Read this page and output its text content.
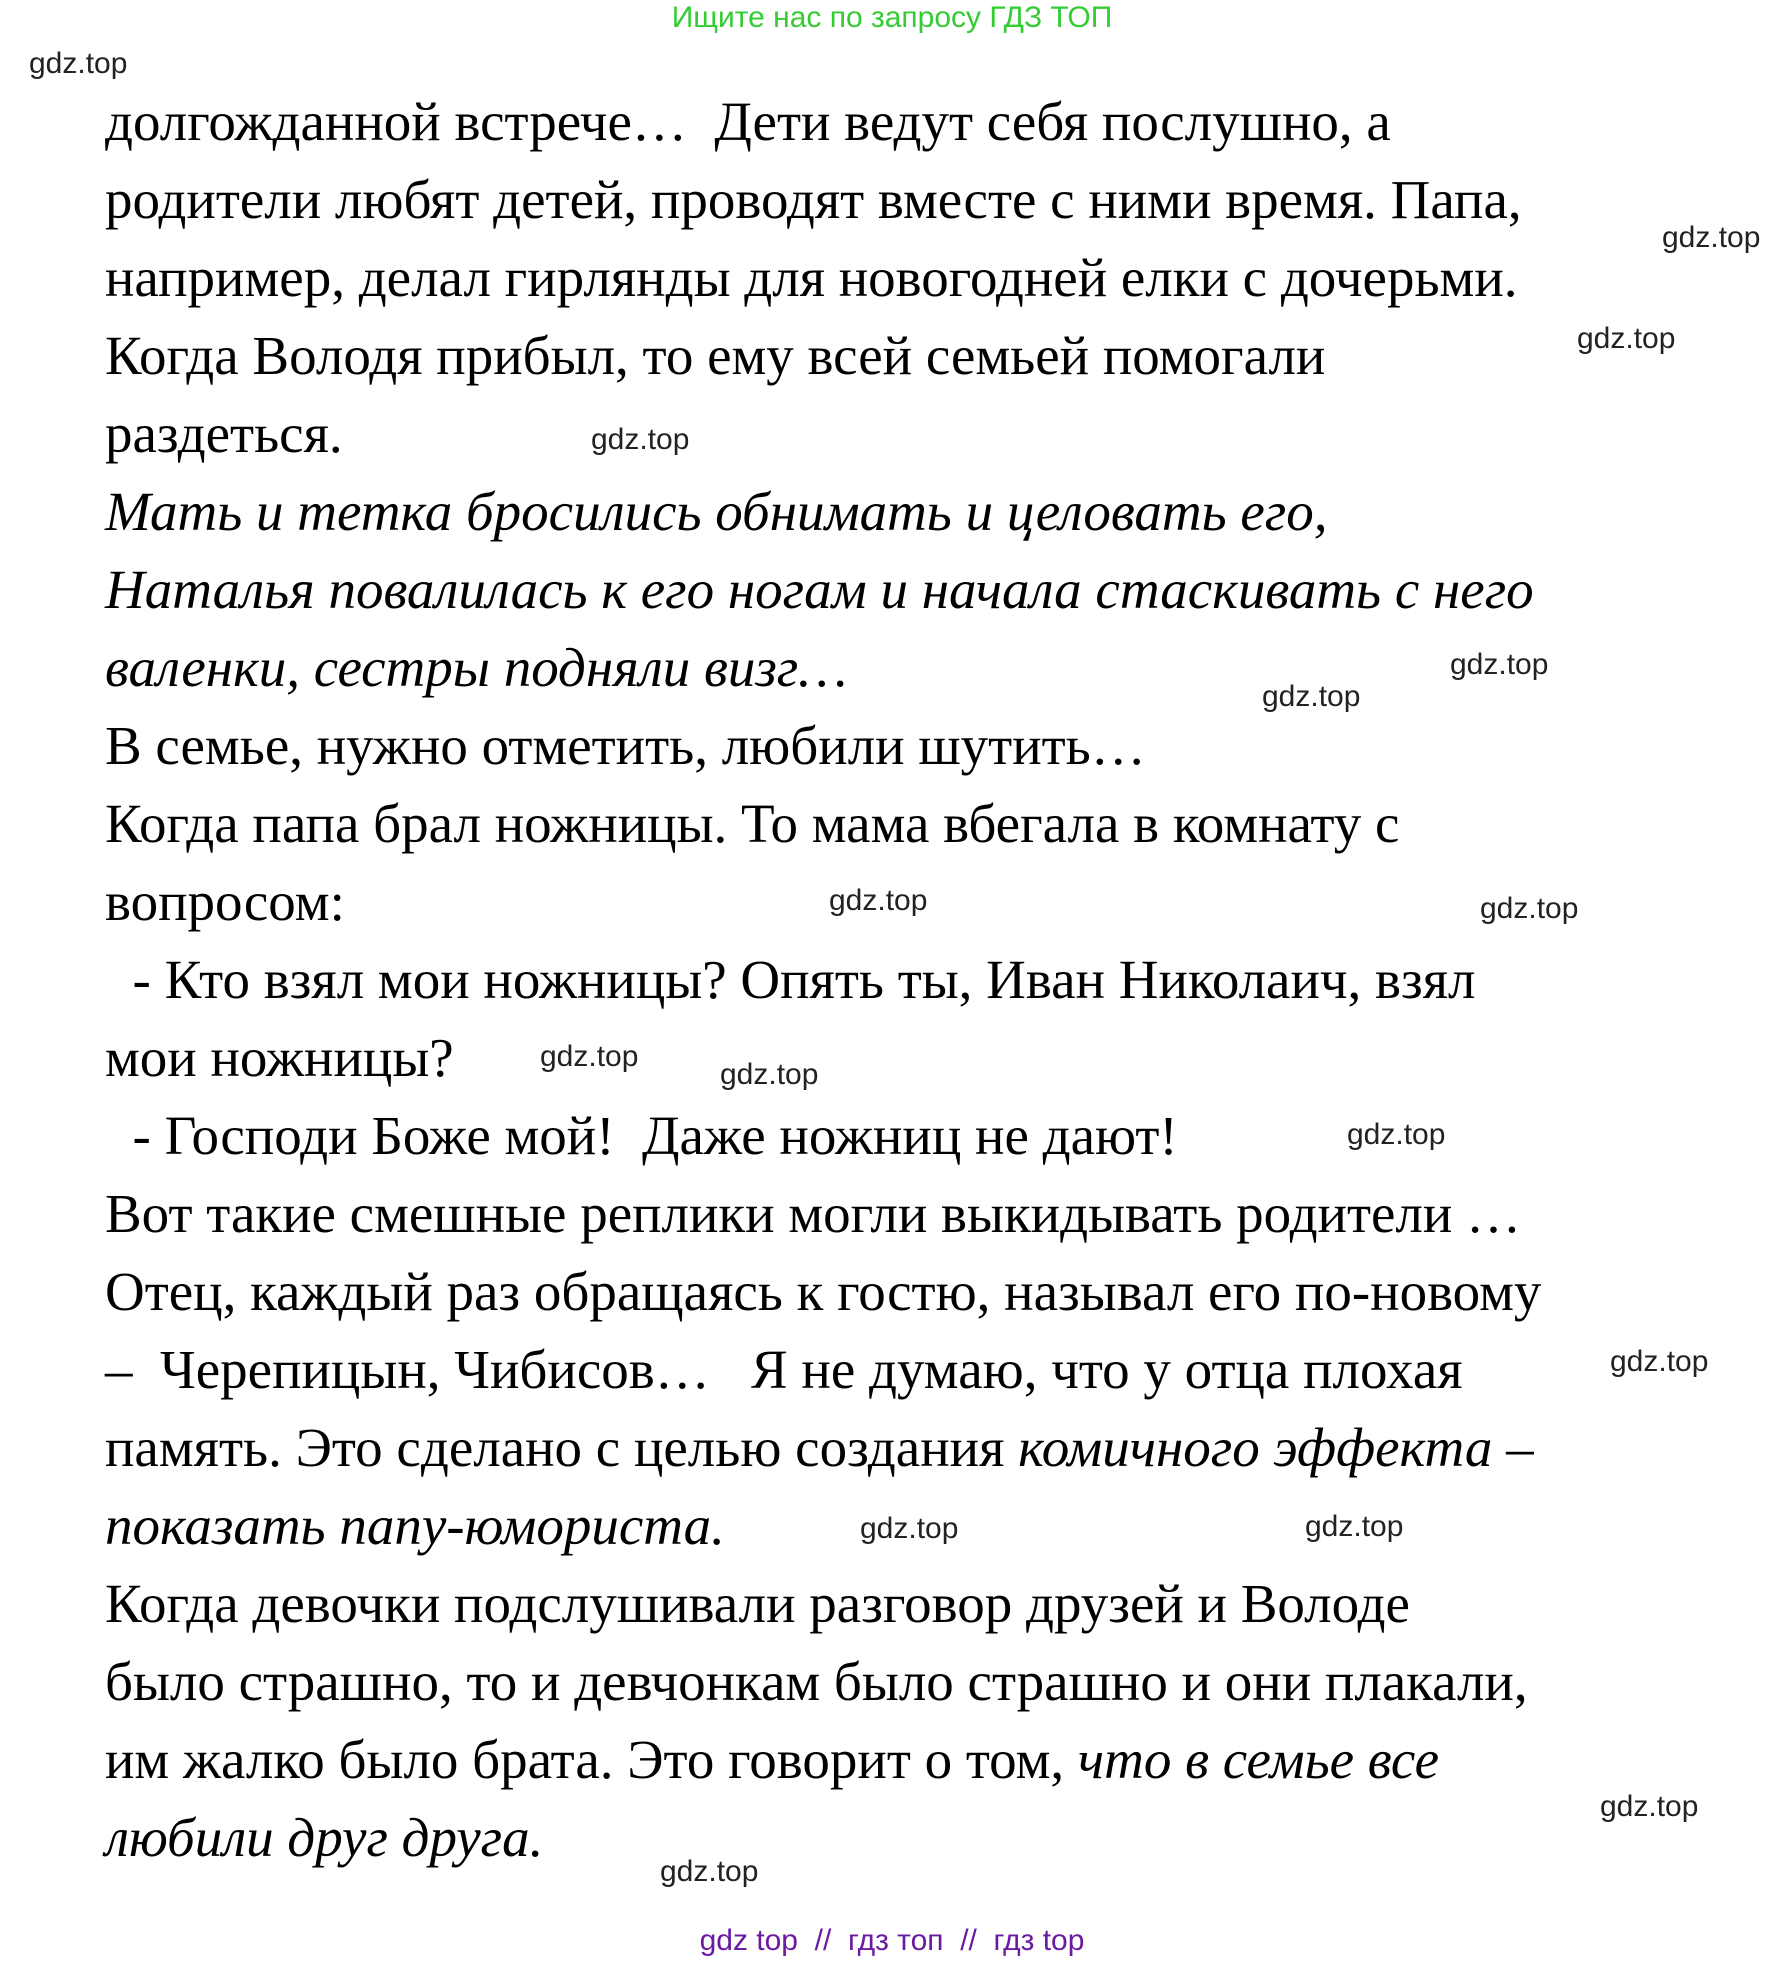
Ищите нас по запросу ГДЗ ТОП
долгожданной встрече…  Дети ведут себя послушно, а
родители любят детей, проводят вместе с ними время. Папа,
например, делал гирлянды для новогодней елки с дочерьми.
Когда Володя прибыл, то ему всей семьей помогали
раздеться.
Мать и тетка бросились обнимать и целовать его,
Наталья повалилась к его ногам и начала стаскивать с него
валенки, сестры подняли визг…
В семье, нужно отметить, любили шутить…
Когда папа брал ножницы. То мама вбегала в комнату с
вопросом:
- Кто взял мои ножницы? Опять ты, Иван Николаич, взял
мои ножницы?
- Господи Боже мой!  Даже ножниц не дают!
Вот такие смешные реплики могли выкидывать родители …
Отец, каждый раз обращаясь к гостю, называл его по-новому
–  Черепицын, Чибисов…   Я не думаю, что у отца плохая
память. Это сделано с целью создания комичного эффекта –
показать папу-юмориста.
Когда девочки подслушивали разговор друзей и Володе
было страшно, то и девчонкам было страшно и они плакали,
им жалко было брата. Это говорит о том, что в семье все
любили друг друга.
gdz.top
gdz.top
gdz.top
gdz.top
gdz.top
gdz.top
gdz.top	gdz.top
gdz.top
gdz.top
gdz.top
gdz.top
gdz.top
gdz.top
gdz.top
gdz.top
gdz top  //  гдз топ  //  гдз top
